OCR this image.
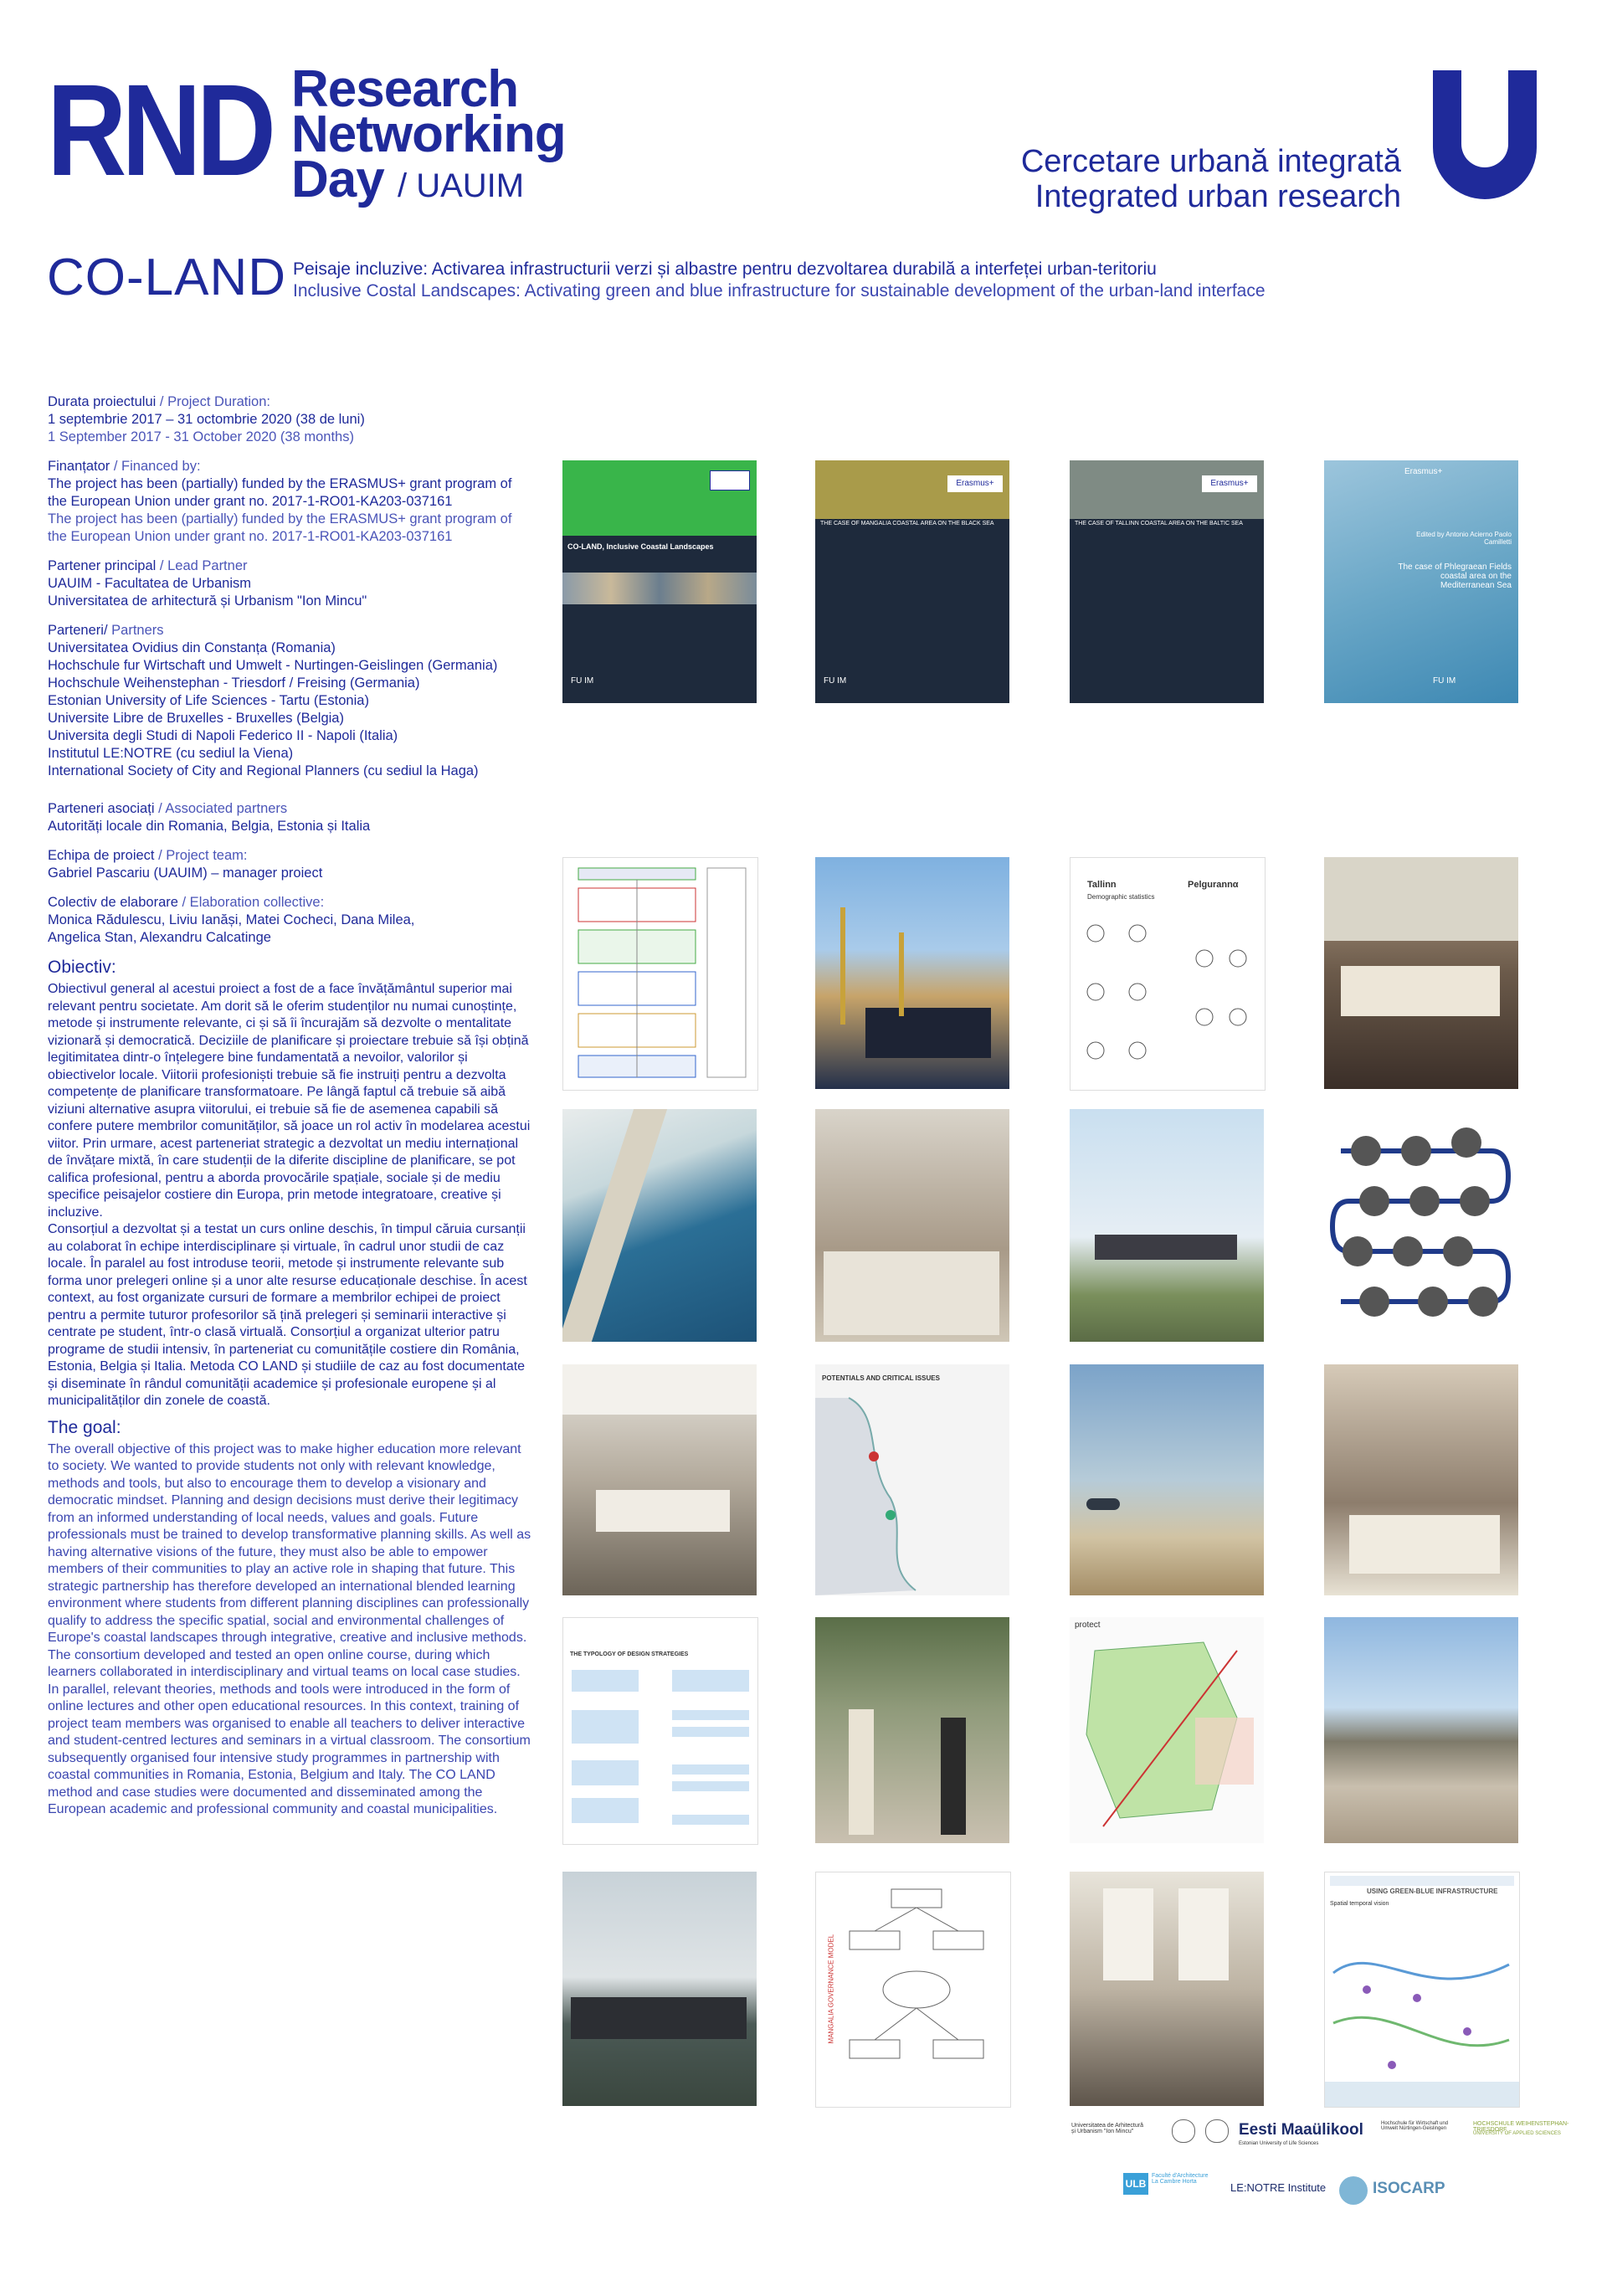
RND Research
Networking
Day / UAUIM
Cercetare urbană integrată
Integrated urban research
CO-LAND Peisaje incluzive: Activarea infrastructurii verzi și albastre pentru dezvoltarea durabilă a interfeței urban-teritoriu
Inclusive Costal Landscapes: Activating green and blue infrastructure for sustainable development of the urban-land interface
Durata proiectului / Project Duration:
1 septembrie 2017 – 31 octombrie 2020 (38 de luni)
1 September 2017 - 31 October 2020 (38 months)
Finanțator / Financed by:
The project has been (partially) funded by the ERASMUS+ grant program of the European Union under grant no. 2017-1-RO01-KA203-037161
The project has been (partially) funded by the ERASMUS+ grant program of the European Union under grant no. 2017-1-RO01-KA203-037161
Partener principal / Lead Partner
UAUIM - Facultatea de Urbanism
Universitatea de arhitectură și Urbanism "Ion Mincu"
Parteneri/ Partners
Universitatea Ovidius din Constanța (Romania)
Hochschule fur Wirtschaft und Umwelt - Nurtingen-Geislingen (Germania)
Hochschule Weihenstephan - Triesdorf / Freising (Germania)
Estonian University of Life Sciences - Tartu (Estonia)
Universite Libre de Bruxelles - Bruxelles (Belgia)
Universita degli Studi di Napoli Federico II - Napoli (Italia)
Institutul LE:NOTRE (cu sediul la Viena)
International Society of City and Regional Planners (cu sediul la Haga)
Parteneri asociați / Associated partners
Autorități locale din Romania, Belgia, Estonia și Italia
Echipa de proiect / Project team:
Gabriel Pascariu (UAUIM) – manager proiect
Colectiv de elaborare / Elaboration collective:
Monica Rădulescu, Liviu Ianăși, Matei Cocheci, Dana Milea,
Angelica Stan, Alexandru Calcatinge
Obiectiv:
Obiectivul general al acestui proiect a fost de a face învățământul superior mai relevant pentru societate. Am dorit să le oferim studenților nu numai cunoștințe, metode și instrumente relevante, ci și să îi încurajăm să dezvolte o mentalitate vizionară și democratică. Deciziile de planificare și proiectare trebuie să își obțină legitimitatea dintr-o înțelegere bine fundamentată a nevoilor, valorilor și obiectivelor locale. Viitorii profesioniști trebuie să fie instruiți pentru a dezvolta competențe de planificare transformatoare. Pe lângă faptul că trebuie să aibă viziuni alternative asupra viitorului, ei trebuie să fie de asemenea capabili să confere putere membrilor comunităților, să joace un rol activ în modelarea acestui viitor. Prin urmare, acest parteneriat strategic a dezvoltat un mediu internațional de învățare mixtă, în care studenții de la diferite discipline de planificare, se pot califica profesional, pentru a aborda provocările spațiale, sociale și de mediu specifice peisajelor costiere din Europa, prin metode integratoare, creative și incluzive.
Consorțiul a dezvoltat și a testat un curs online deschis, în timpul căruia cursanții au colaborat în echipe interdisciplinare și virtuale, în cadrul unor studii de caz locale. În paralel au fost introduse teorii, metode și instrumente relevante sub forma unor prelegeri online și a unor alte resurse educaționale deschise. În acest context, au fost organizate cursuri de formare a membrilor echipei de proiect pentru a permite tuturor profesorilor să țină prelegeri și seminarii interactive și centrate pe student, într-o clasă virtuală. Consorțiul a organizat ulterior patru programe de studii intensiv, în parteneriat cu comunitățile costiere din România, Estonia, Belgia și Italia. Metoda CO LAND și studiile de caz au fost documentate și diseminate în rândul comunității academice și profesionale europene și al municipalităților din zonele de coastă.
The goal:
The overall objective of this project was to make higher education more relevant to society. We wanted to provide students not only with relevant knowledge, methods and tools, but also to encourage them to develop a visionary and democratic mindset. Planning and design decisions must derive their legitimacy from an informed understanding of local needs, values and goals. Future professionals must be trained to develop transformative planning skills. As well as having alternative visions of the future, they must also be able to empower members of their communities to play an active role in shaping that future. This strategic partnership has therefore developed an international blended learning environment where students from different planning disciplines can professionally qualify to address the specific spatial, social and environmental challenges of Europe's coastal landscapes through integrative, creative and inclusive methods.
The consortium developed and tested an open online course, during which learners collaborated in interdisciplinary and virtual teams on local case studies. In parallel, relevant theories, methods and tools were introduced in the form of online lectures and other open educational resources. In this context, training of project team members was organised to enable all teachers to deliver interactive and student-centred lectures and seminars in a virtual classroom. The consortium subsequently organised four intensive study programmes in partnership with coastal communities in Romania, Estonia, Belgium and Italy. The CO LAND method and case studies were documented and disseminated among the European academic and professional community and coastal municipalities.
CO-LAND, Inclusive Coastal Landscapes
FU IM
Erasmus+
THE CASE OF MANGALIA COASTAL AREA ON THE BLACK SEA
FU IM
Erasmus+
THE CASE OF TALLINN COASTAL AREA ON THE BALTIC SEA
Erasmus+
Edited by Antonio Acierno Paolo Camilletti
The case of Phlegraean Fields coastal area on the Mediterranean Sea
FU IM
Tallinn	Pelgurannα
Demographic statistics
POTENTIALS AND CRITICAL ISSUES
THE TYPOLOGY OF DESIGN STRATEGIES
protect
MANGALIA GOVERNANCE MODEL
USING GREEN-BLUE INFRASTRUCTURE
Spatial temporal vision
Universitatea de Arhitectură și Urbanism "Ion Mincu"	Eesti Maaülikool
Estonian University of Life Sciences
Hochschule für Wirtschaft und Umwelt Nürtingen-Geislingen
HOCHSCHULE WEIHENSTEPHAN-TRIESDORF
UNIVERSITY OF APPLIED SCIENCES
ULB
Faculté d'Architecture La Cambre Horta	LE:NOTRE Institute	ISOCARP
